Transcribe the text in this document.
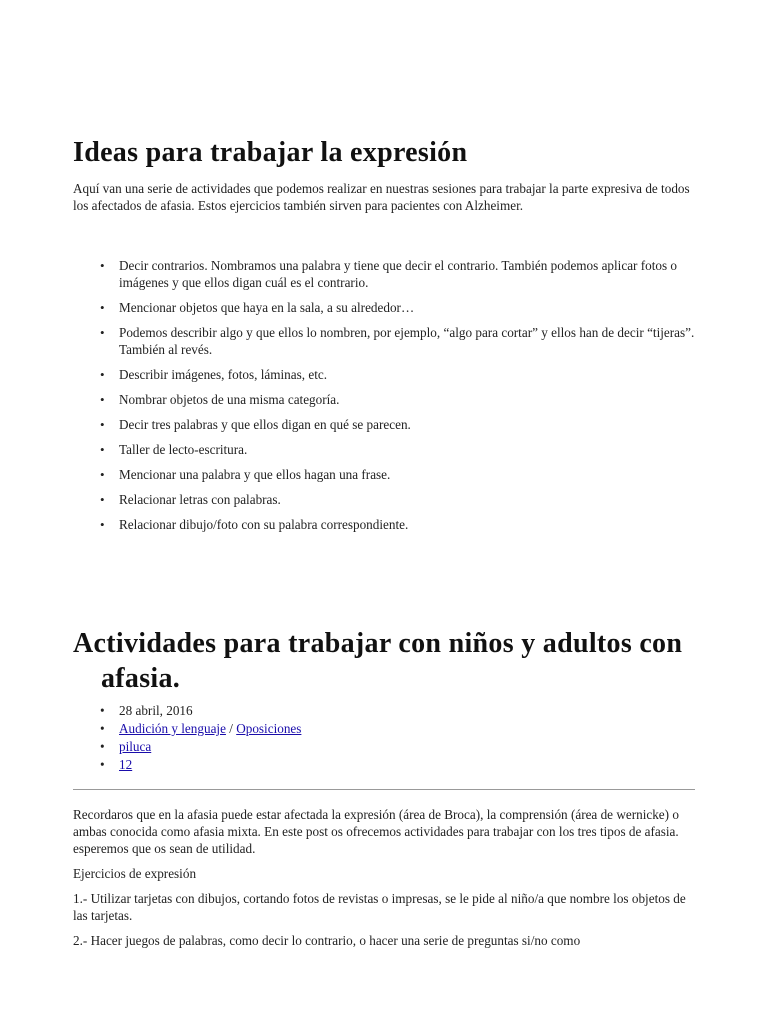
Ideas para trabajar la expresión

Aquí van una serie de actividades que podemos realizar en nuestras sesiones para trabajar la parte expresiva de todos los afectados de afasia. Estos ejercicios también sirven para pacientes con Alzheimer.

• Decir contrarios. Nombramos una palabra y tiene que decir el contrario. También podemos aplicar fotos o imágenes y que ellos digan cuál es el contrario.
• Mencionar objetos que haya en la sala, a su alrededor…
• Podemos describir algo y que ellos lo nombren, por ejemplo, “algo para cortar” y ellos han de decir “tijeras”. También al revés.
• Describir imágenes, fotos, láminas, etc.
• Nombrar objetos de una misma categoría.
• Decir tres palabras y que ellos digan en qué se parecen.
• Taller de lecto-escritura.
• Mencionar una palabra y que ellos hagan una frase.
• Relacionar letras con palabras.
• Relacionar dibujo/foto con su palabra correspondiente.
Actividades para trabajar con niños y adultos con afasia.
• 28 abril, 2016
• Audición y lenguaje / Oposiciones
• piluca
• 12

Recordaros que en la afasia puede estar afectada la expresión (área de Broca), la comprensión (área de wernicke) o ambas conocida como afasia mixta. En este post os ofrecemos actividades para trabajar con los tres tipos de afasia. esperemos que os sean de utilidad.

Ejercicios de expresión

1.- Utilizar tarjetas con dibujos, cortando fotos de revistas o impresas, se le pide al niño/a que nombre los objetos de las tarjetas.

2.- Hacer juegos de palabras, como decir lo contrario, o hacer una serie de preguntas si/no como
